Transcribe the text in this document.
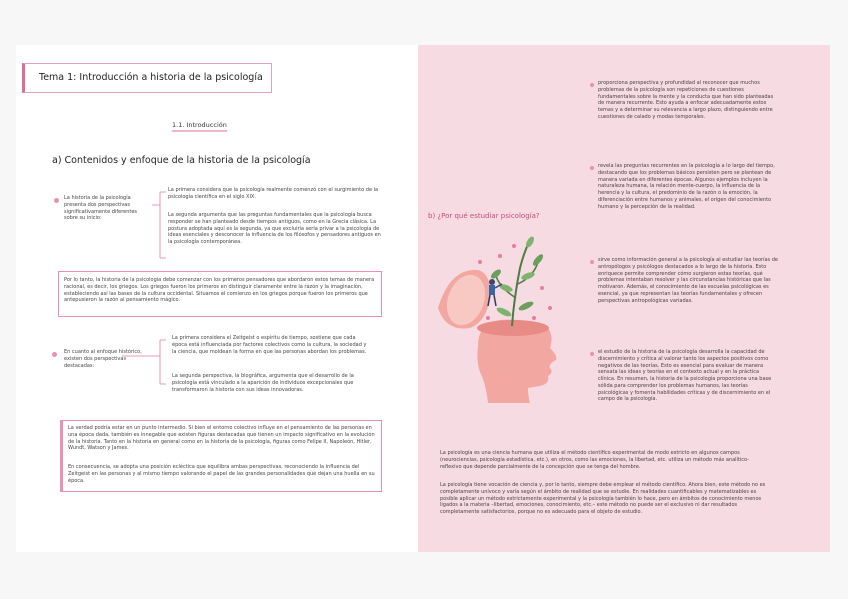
Tema 1: Introducción a historia de la psicología
1.1. Introducción
a) Contenidos y enfoque de la historia de la psicología
La historia de la psicología presenta dos perspectivas significativamente diferentes sobre su inicio:
La primera considera que la psicología realmente comenzó con el surgimiento de la psicología científica en el siglo XIX.
La segunda argumenta que las preguntas fundamentales que la psicología busca responder se han planteado desde tiempos antiguos, como en la Grecia clásica. La postura adoptada aquí es la segunda, ya que excluiría sería privar a la psicología de ideas esenciales y desconocer la influencia de los filósofos y pensadores antiguos en la psicología contemporánea.
Por lo tanto, la historia de la psicología debe comenzar con los primeros pensadores que abordaron estos temas de manera racional, es decir, los griegos. Los griegos fueron los primeros en distinguir claramente entre la razón y la imaginación, estableciendo así las bases de la cultura occidental. Situamos el comienzo en los griegos porque fueron los primeros que antepusieron la razón al pensamiento mágico.
En cuanto al enfoque histórico, existen dos perspectivas destacadas:
La primera considera el Zeitgeist o espíritu de tiempo, sostiene que cada época está influenciada por factores colectivos como la cultura, la sociedad y la ciencia, que moldean la forma en que las personas abordan los problemas.
La segunda perspectiva, la biográfica, argumenta que el desarrollo de la psicología está vinculado a la aparición de individuos excepcionales que transformaron la historia con sus ideas innovadoras.
La verdad podría estar en un punto intermedio. Si bien el entorno colectivo influye en el pensamiento de las personas en una época dada, también es innegable que existen figuras destacadas que tienen un impacto significativo en la evolución de la historia. Tanto en la historia en general como en la historia de la psicología, figuras como Felipe II, Napoleón, Hitler, Wundt, Watson y James.
En consecuencia, se adopta una posición ecléctica que equilibra ambas perspectivas, reconociendo la influencia del Zeitgeist en las personas y al mismo tiempo valorando el papel de las grandes personalidades que dejan una huella en su época.
b) ¿Por qué estudiar psicología?
proporciona perspectiva y profundidad al reconocer que muchos problemas de la psicología son repeticiones de cuestiones fundamentales sobre la mente y la conducta que han sido planteadas de manera recurrente. Esto ayuda a enfocar adecuadamente estos temas y a determinar su relevancia a largo plazo, distinguiendo entre cuestiones de calado y modas temporales.
revela las preguntas recurrentes en la psicología a lo largo del tiempo, destacando que los problemas básicos persisten pero se plantean de manera variada en diferentes épocas. Algunos ejemplos incluyen la naturaleza humana, la relación mente-cuerpo, la influencia de la herencia y la cultura, el predominio de la razón o la emoción, la diferenciación entre humanos y animales, el origen del conocimiento humano y la percepción de la realidad.
sirve como información general a la psicología al estudiar las teorías de antropólogos y psicólogos destacados a lo largo de la historia. Esto enriquece permite comprender cómo surgieron estas teorías, qué problemas intentaban resolver y las circunstancias históricas que las motivaron. Además, el conocimiento de las escuelas psicológicas es esencial, ya que representan las teorías fundamentales y ofrecen perspectivas antropológicas variadas.
el estudio de la historia de la psicología desarrolla la capacidad de discernimiento y crítica al valorar tanto los aspectos positivos como negativos de las teorías. Esto es esencial para evaluar de manera sensata las ideas y teorías en el contexto actual y en la práctica clínica. En resumen, la historia de la psicología proporciona una base sólida para comprender los problemas humanos, las teorías psicológicas y fomenta habilidades críticas y de discernimiento en el campo de la psicología.
La psicología es una ciencia humana que utiliza el método científico experimental de modo estricto en algunos campos (neurociencias, psicología estadística, etc.), en otros, como las emociones, la libertad, etc. utiliza un método más analítico-reflexivo que depende parcialmente de la concepción que se tenga del hombre.
La psicología tiene vocación de ciencia y, por lo tanto, siempre debe emplear el método científico. Ahora bien, este método no es completamente unívoco y varía según el ámbito de realidad que se estudie. En realidades cuantificables y matematizables es posible aplicar un método estrictamente experimental y la psicología también lo hace, pero en ámbitos de conocimiento menos ligados a la materia –libertad, emociones, conocimiento, etc.– este método no puede ser el exclusivo ni dar resultados completamente satisfactorios, porque no es adecuado para el objeto de estudio.
